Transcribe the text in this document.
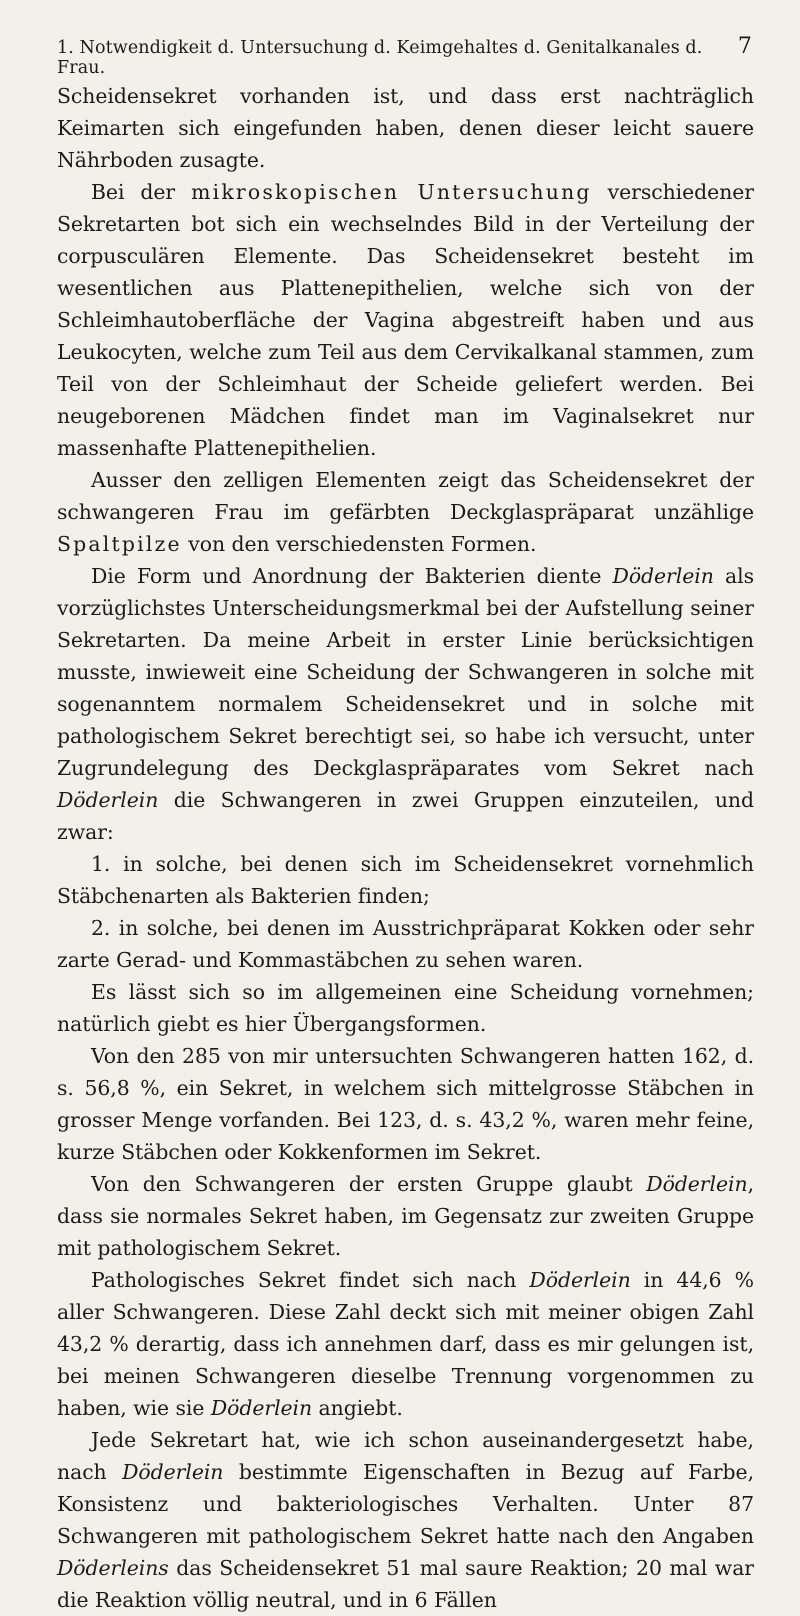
1. Notwendigkeit d. Untersuchung d. Keimgehaltes d. Genitalkanales d. Frau.
7

Scheidensekret vorhanden ist, und dass erst nachträglich Keimarten sich eingefunden haben, denen dieser leicht sauere Nährboden zusagte.

Bei der mikroskopischen Untersuchung verschiedener Sekretarten bot sich ein wechselndes Bild in der Verteilung der corpusculären Elemente. Das Scheidensekret besteht im wesentlichen aus Plattenepithelien, welche sich von der Schleimhautoberfläche der Vagina abgestreift haben und aus Leukocyten, welche zum Teil aus dem Cervikalkanal stammen, zum Teil von der Schleimhaut der Scheide geliefert werden. Bei neugeborenen Mädchen findet man im Vaginalsekret nur massenhafte Plattenepithelien.

Ausser den zelligen Elementen zeigt das Scheidensekret der schwangeren Frau im gefärbten Deckglaspräparat unzählige Spaltpilze von den verschiedensten Formen.

Die Form und Anordnung der Bakterien diente Döderlein als vorzüglichstes Unterscheidungsmerkmal bei der Aufstellung seiner Sekretarten. Da meine Arbeit in erster Linie berücksichtigen musste, inwieweit eine Scheidung der Schwangeren in solche mit sogenanntem normalem Scheidensekret und in solche mit pathologischem Sekret berechtigt sei, so habe ich versucht, unter Zugrundelegung des Deckglaspräparates vom Sekret nach Döderlein die Schwangeren in zwei Gruppen einzuteilen, und zwar:

1. in solche, bei denen sich im Scheidensekret vornehmlich Stäbchenarten als Bakterien finden;

2. in solche, bei denen im Ausstrichpräparat Kokken oder sehr zarte Gerad- und Kommastäbchen zu sehen waren.

Es lässt sich so im allgemeinen eine Scheidung vornehmen; natürlich giebt es hier Übergangsformen.

Von den 285 von mir untersuchten Schwangeren hatten 162, d. s. 56,8 %, ein Sekret, in welchem sich mittelgrosse Stäbchen in grosser Menge vorfanden. Bei 123, d. s. 43,2 %, waren mehr feine, kurze Stäbchen oder Kokkenformen im Sekret.

Von den Schwangeren der ersten Gruppe glaubt Döderlein, dass sie normales Sekret haben, im Gegensatz zur zweiten Gruppe mit pathologischem Sekret.

Pathologisches Sekret findet sich nach Döderlein in 44,6 % aller Schwangeren. Diese Zahl deckt sich mit meiner obigen Zahl 43,2 % derartig, dass ich annehmen darf, dass es mir gelungen ist, bei meinen Schwangeren dieselbe Trennung vorgenommen zu haben, wie sie Döderlein angiebt.

Jede Sekretart hat, wie ich schon auseinandergesetzt habe, nach Döderlein bestimmte Eigenschaften in Bezug auf Farbe, Konsistenz und bakteriologisches Verhalten. Unter 87 Schwangeren mit pathologischem Sekret hatte nach den Angaben Döderleins das Scheidensekret 51 mal saure Reaktion; 20 mal war die Reaktion völlig neutral, und in 6 Fällen
